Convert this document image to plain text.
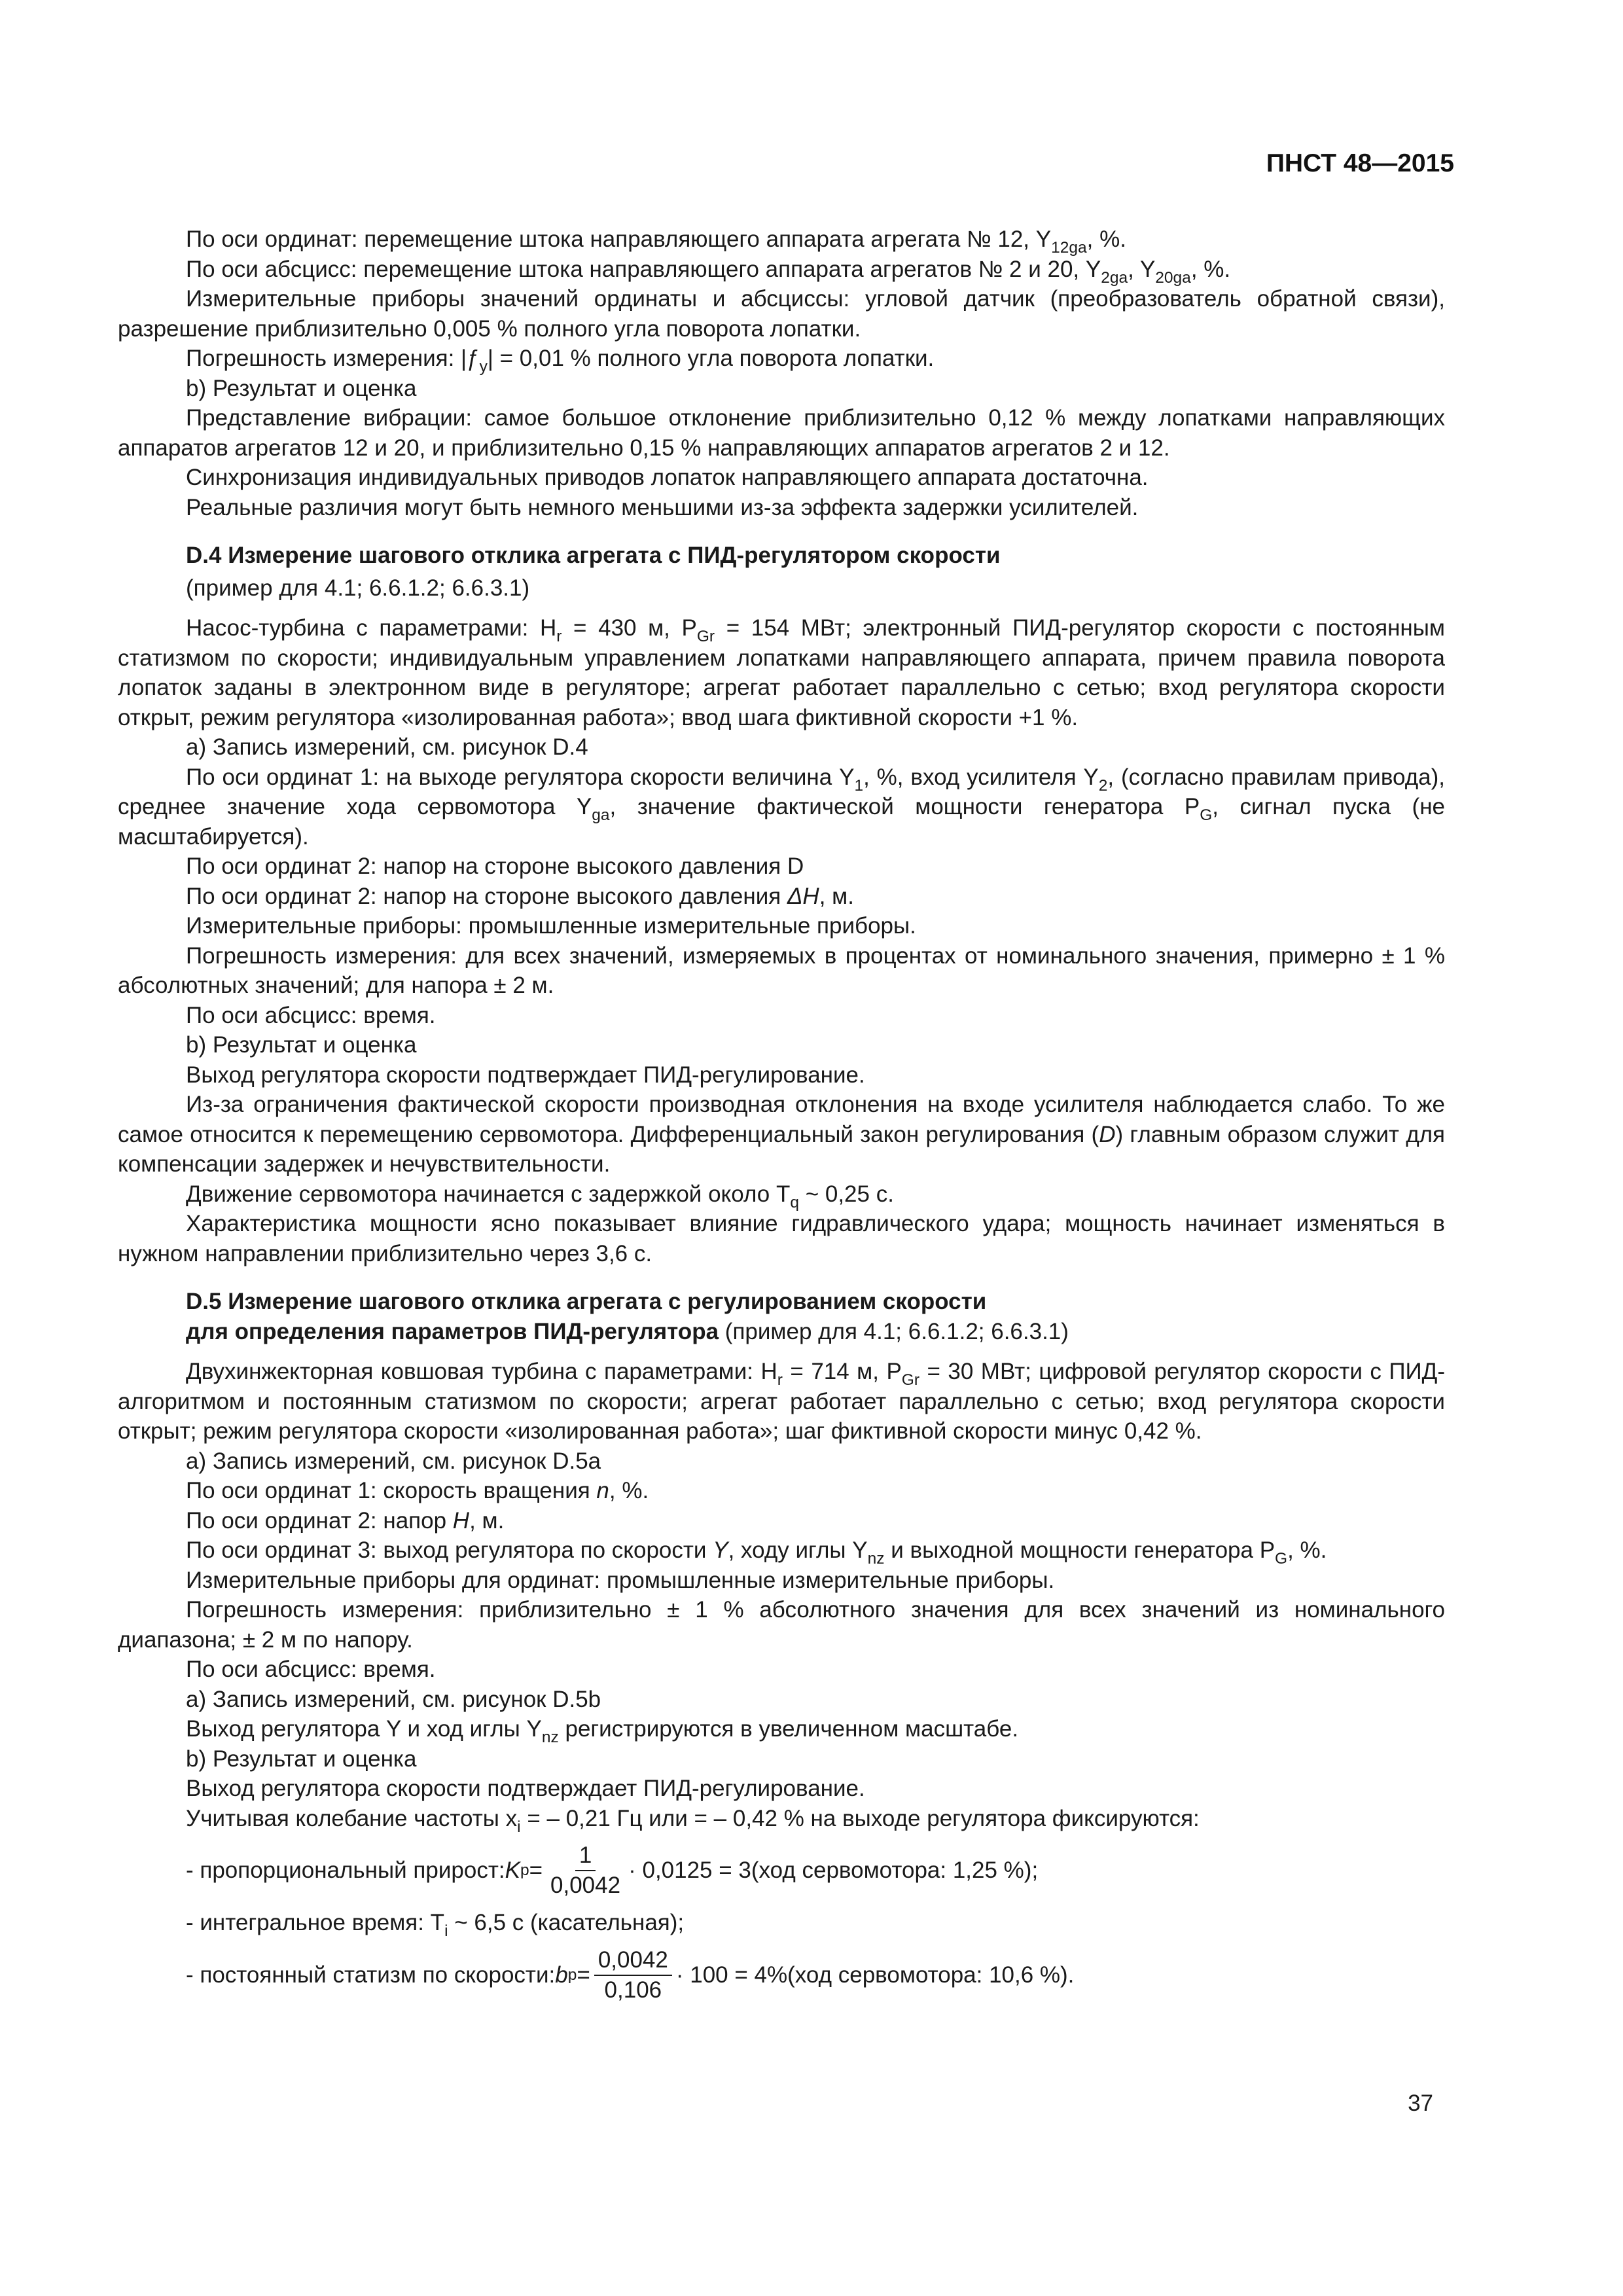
ПНСТ 48—2015

По оси ординат: перемещение штока направляющего аппарата агрегата № 12, $Y_{12ga}$, %.

По оси абсцисс: перемещение штока направляющего аппарата агрегатов № 2 и 20, $Y_{2ga}$, $Y_{20ga}$, %.

Измерительные приборы значений ординаты и абсциссы: угловой датчик (преобразователь обратной связи), разрешение приблизительно 0,005 % полного угла поворота лопатки.

Погрешность измерения: $|ƒ_y| = 0,01$ % полного угла поворота лопатки.

b) Результат и оценка

Представление вибрации: самое большое отклонение приблизительно 0,12 % между лопатками направляющих аппаратов агрегатов 12 и 20, и приблизительно 0,15 % направляющих аппаратов агрегатов 2 и 12.

Синхронизация индивидуальных приводов лопаток направляющего аппарата достаточна.

Реальные различия могут быть немного меньшими из-за эффекта задержки усилителей.

D.4 Измерение шагового отклика агрегата с ПИД-регулятором скорости
(пример для 4.1; 6.6.1.2; 6.6.3.1)

Насос-турбина с параметрами: $H_r = 430$ м, $P_{Gr} = 154$ МВт; электронный ПИД-регулятор скорости с постоянным статизмом по скорости; индивидуальным управлением лопатками направляющего аппарата, причем правила поворота лопаток заданы в электронном виде в регуляторе; агрегат работает параллельно с сетью; вход регулятора скорости открыт, режим регулятора «изолированная работа»; ввод шага фиктивной скорости +1 %.

а) Запись измерений, см. рисунок D.4

По оси ординат 1: на выходе регулятора скорости величина $Y_1$, %, вход усилителя $Y_2$, (согласно правилам привода), среднее значение хода сервомотора $Y_{ga}$, значение фактической мощности генератора $P_G$, сигнал пуска (не масштабируется).

По оси ординат 2: напор на стороне высокого давления D

По оси ординат 2: напор на стороне высокого давления ΔH, м.

Измерительные приборы: промышленные измерительные приборы.

Погрешность измерения: для всех значений, измеряемых в процентах от номинального значения, примерно ± 1 % абсолютных значений; для напора ± 2 м.

По оси абсцисс: время.

b) Результат и оценка

Выход регулятора скорости подтверждает ПИД-регулирование.

Из-за ограничения фактической скорости производная отклонения на входе усилителя наблюдается слабо. То же самое относится к перемещению сервомотора. Дифференциальный закон регулирования (D) главным образом служит для компенсации задержек и нечувствительности.

Движение сервомотора начинается с задержкой около $T_q$ ~ 0,25 с.

Характеристика мощности ясно показывает влияние гидравлического удара; мощность начинает изменяться в нужном направлении приблизительно через 3,6 с.

D.5 Измерение шагового отклика агрегата с регулированием скорости
для определения параметров ПИД-регулятора (пример для 4.1; 6.6.1.2; 6.6.3.1)

Двухинжекторная ковшовая турбина с параметрами: $H_r = 714$ м, $P_{Gr} = 30$ МВт; цифровой регулятор скорости с ПИД-алгоритмом и постоянным статизмом по скорости; агрегат работает параллельно с сетью; вход регулятора скорости открыт; режим регулятора скорости «изолированная работа»; шаг фиктивной скорости минус 0,42 %.

а) Запись измерений, см. рисунок D.5а

По оси ординат 1: скорость вращения n, %.

По оси ординат 2: напор H, м.

По оси ординат 3: выход регулятора по скорости Y, ходу иглы $Y_{nz}$ и выходной мощности генератора $P_G$, %.

Измерительные приборы для ординат: промышленные измерительные приборы.

Погрешность измерения: приблизительно ± 1 % абсолютного значения для всех значений из номинального диапазона; ± 2 м по напору.

По оси абсцисс: время.

а) Запись измерений, см. рисунок D.5b

Выход регулятора Y и ход иглы $Y_{nz}$ регистрируются в увеличенном масштабе.

b) Результат и оценка

Выход регулятора скорости подтверждает ПИД-регулирование.

Учитывая колебание частоты $x_i$ = – 0,21 Гц или = – 0,42 % на выходе регулятора фиксируются:

- пропорциональный прирост: K $p = \frac{1}{0,0042} \cdot 0,0125 = 3$ (ход сервомотора: 1,25 %);

- интегральное время: $T_i$ ~ 6,5 с (касательная);

- постоянный статизм по скорости: b $p = \frac{0,0042}{0,106} \cdot 100 = 4\%$ (ход сервомотора: 10,6 %).
37
